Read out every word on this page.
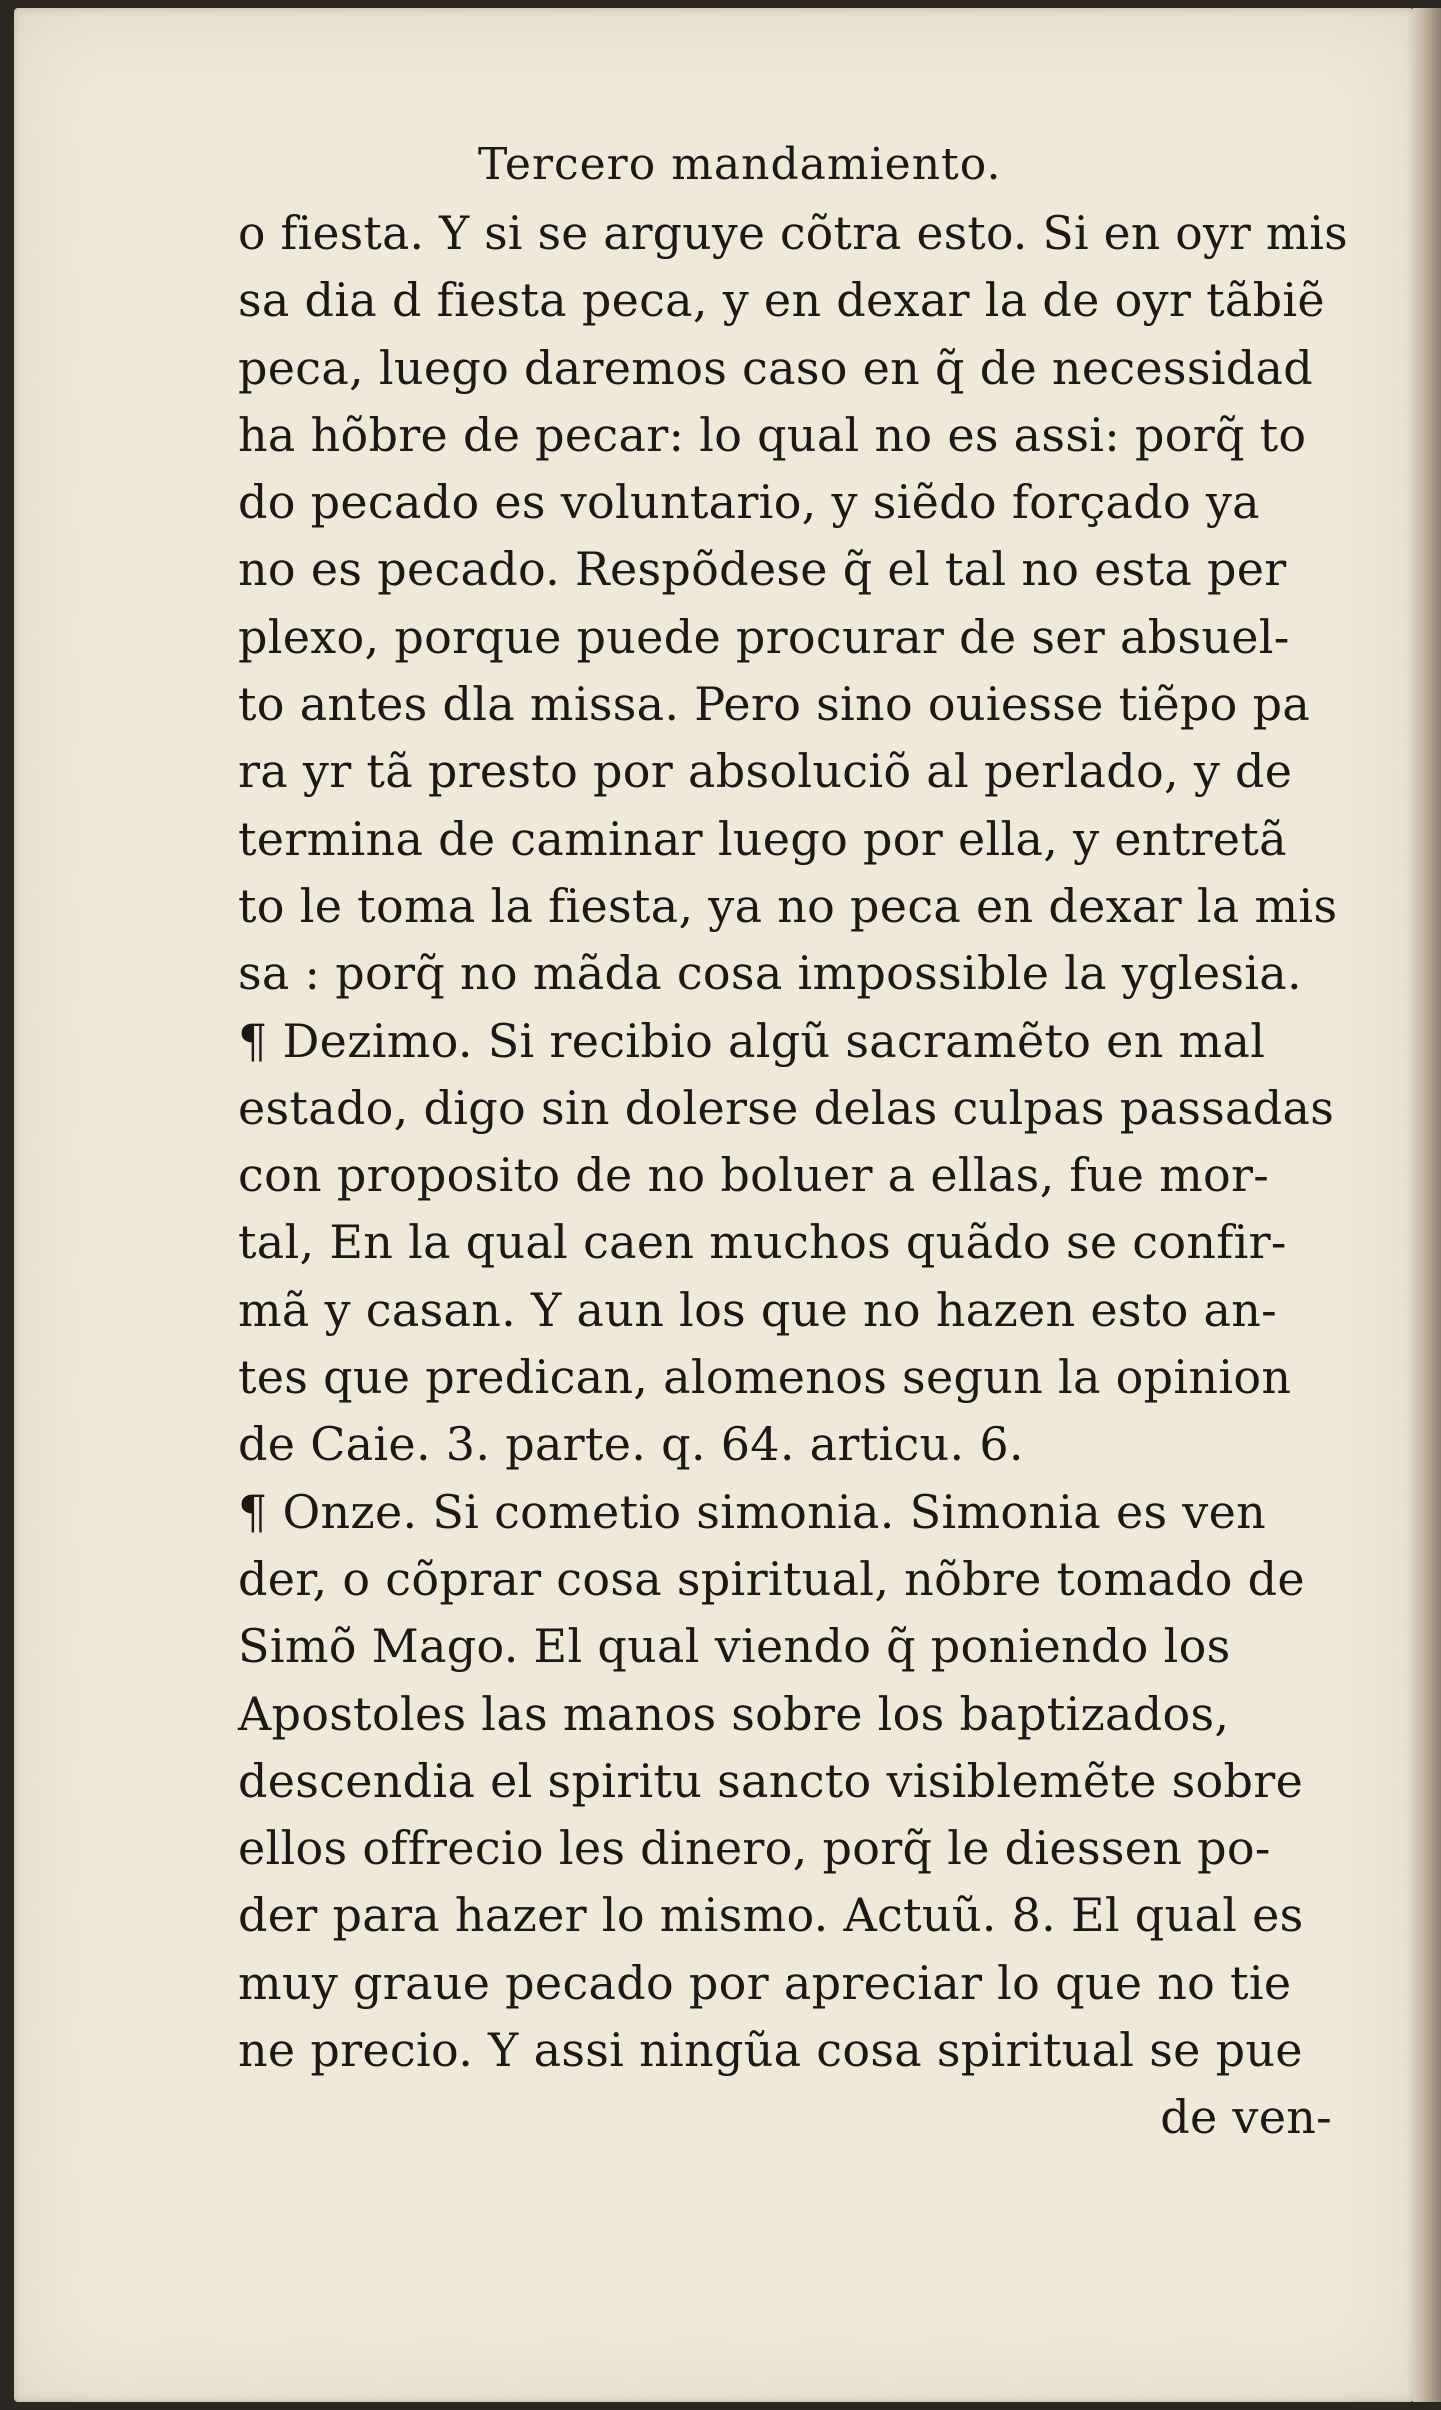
Tercero mandamiento.
o fiesta. Y si se arguye cõtra esto. Si en oyr mis
sa dia d fiesta peca, y en dexar la de oyr tãbiẽ
peca, luego daremos caso en q̃ de necessidad
ha hõbre de pecar: lo qual no es assi: porq̃ to
do pecado es voluntario, y siẽdo forçado ya
no es pecado. Respõdese q̃ el tal no esta per
plexo, porque puede procurar de ser absuel-
to antes dla missa. Pero sino ouiesse tiẽpo pa
ra yr tã presto por absoluciõ al perlado, y de
termina de caminar luego por ella, y entretã
to le toma la fiesta, ya no peca en dexar la mis
sa : porq̃ no mãda cosa impossible la yglesia.
¶ Dezimo. Si recibio algũ sacramẽto en mal
estado, digo sin dolerse delas culpas passadas
con proposito de no boluer a ellas, fue mor-
tal, En la qual caen muchos quãdo se confir-
mã y casan. Y aun los que no hazen esto an-
tes que predican, alomenos segun la opinion
de Caie. 3. parte. q. 64. articu. 6.
¶ Onze. Si cometio simonia. Simonia es ven
der, o cõprar cosa spiritual, nõbre tomado de
Simõ Mago. El qual viendo q̃ poniendo los
Apostoles las manos sobre los baptizados,
descendia el spiritu sancto visiblemẽte sobre
ellos offrecio les dinero, porq̃ le diessen po-
der para hazer lo mismo. Actuũ. 8. El qual es
muy graue pecado por apreciar lo que no tie
ne precio. Y assi ningũa cosa spiritual se pue
de ven-
